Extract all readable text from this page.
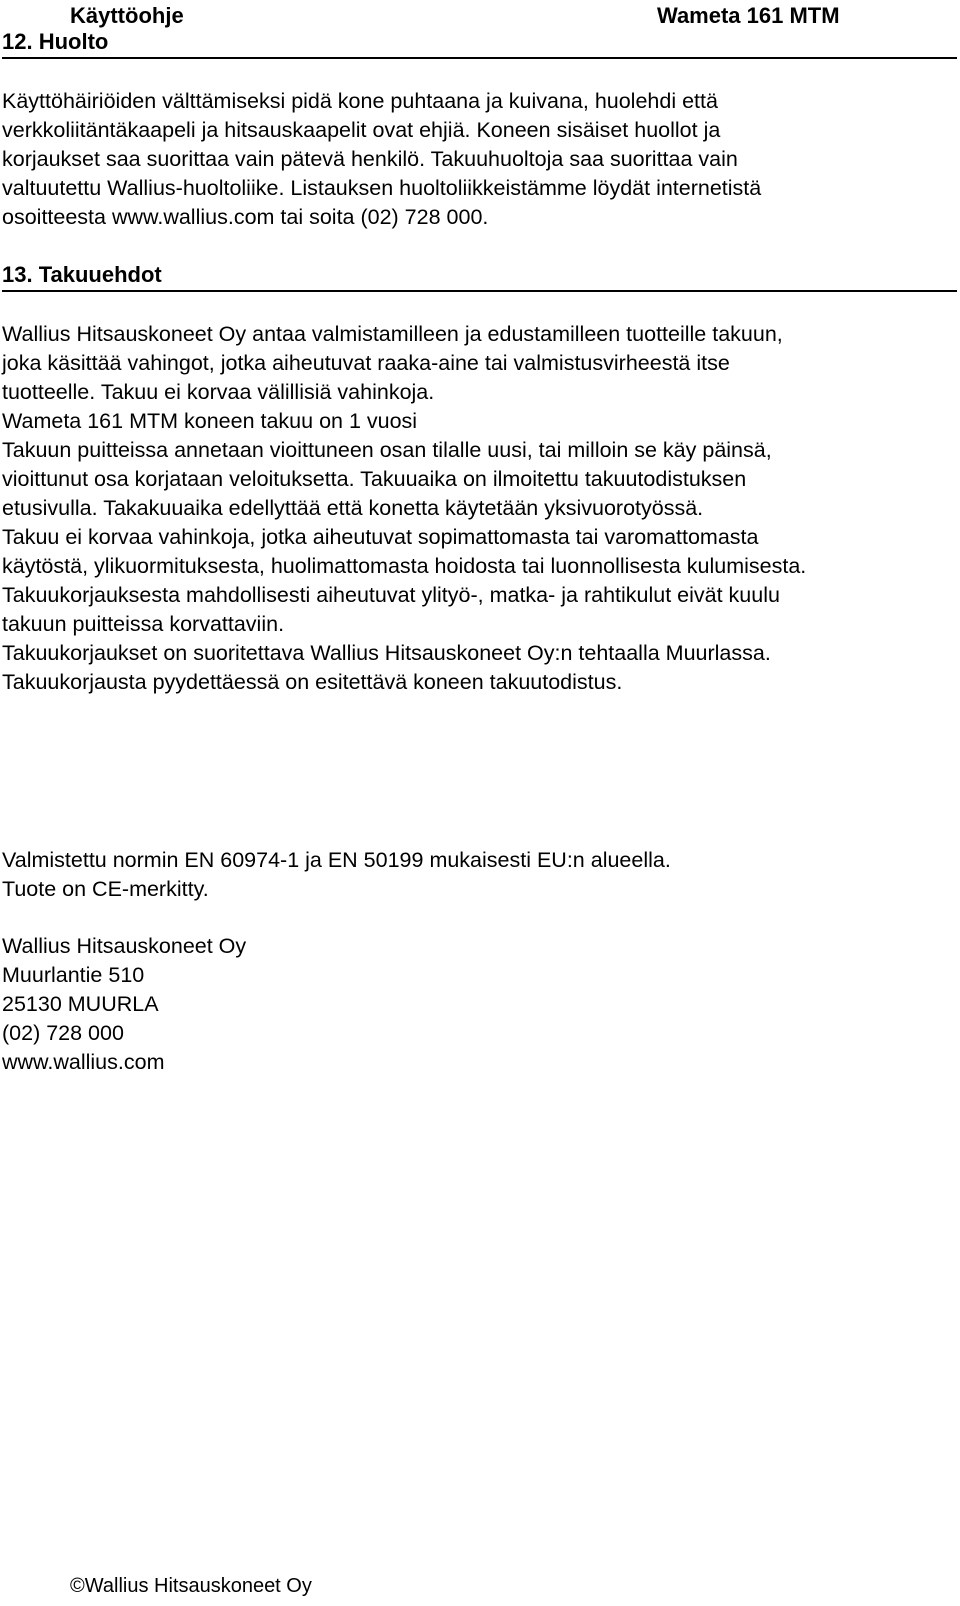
Käyttöohje	Wameta 161 MTM
12. Huolto

Käyttöhäiriöiden välttämiseksi pidä kone puhtaana ja kuivana, huolehdi että

verkkoliitäntäkaapeli ja hitsauskaapelit ovat ehjiä. Koneen sisäiset huollot ja

korjaukset saa suorittaa vain pätevä henkilö. Takuuhuoltoja saa suorittaa vain

valtuutettu Wallius-huoltoliike. Listauksen huoltoliikkeistämme löydät internetistä

osoitteesta www.wallius.com tai soita (02) 728 000.

13. Takuuehdot

Wallius Hitsauskoneet Oy antaa valmistamilleen ja edustamilleen tuotteille takuun,

joka käsittää vahingot, jotka aiheutuvat raaka-aine tai valmistusvirheestä itse

tuotteelle. Takuu ei korvaa välillisiä vahinkoja.

Wameta 161 MTM koneen takuu on 1 vuosi

Takuun puitteissa annetaan vioittuneen osan tilalle uusi, tai milloin se käy päinsä,

vioittunut osa korjataan veloituksetta. Takuuaika on ilmoitettu takuutodistuksen

etusivulla. Takakuuaika edellyttää että konetta käytetään yksivuorotyössä.

Takuu ei korvaa vahinkoja, jotka aiheutuvat sopimattomasta tai varomattomasta

käytöstä, ylikuormituksesta, huolimattomasta hoidosta tai luonnollisesta kulumisesta.

Takuukorjauksesta mahdollisesti aiheutuvat ylityö-, matka- ja rahtikulut eivät kuulu

takuun puitteissa korvattaviin.

Takuukorjaukset on suoritettava Wallius Hitsauskoneet Oy:n tehtaalla Muurlassa.

Takuukorjausta pyydettäessä on esitettävä koneen takuutodistus.

Valmistettu normin EN 60974-1 ja EN 50199 mukaisesti EU:n alueella.

Tuote on CE-merkitty.

Wallius Hitsauskoneet Oy

Muurlantie 510

25130 MUURLA

(02) 728 000

www.wallius.com

©Wallius Hitsauskoneet Oy
